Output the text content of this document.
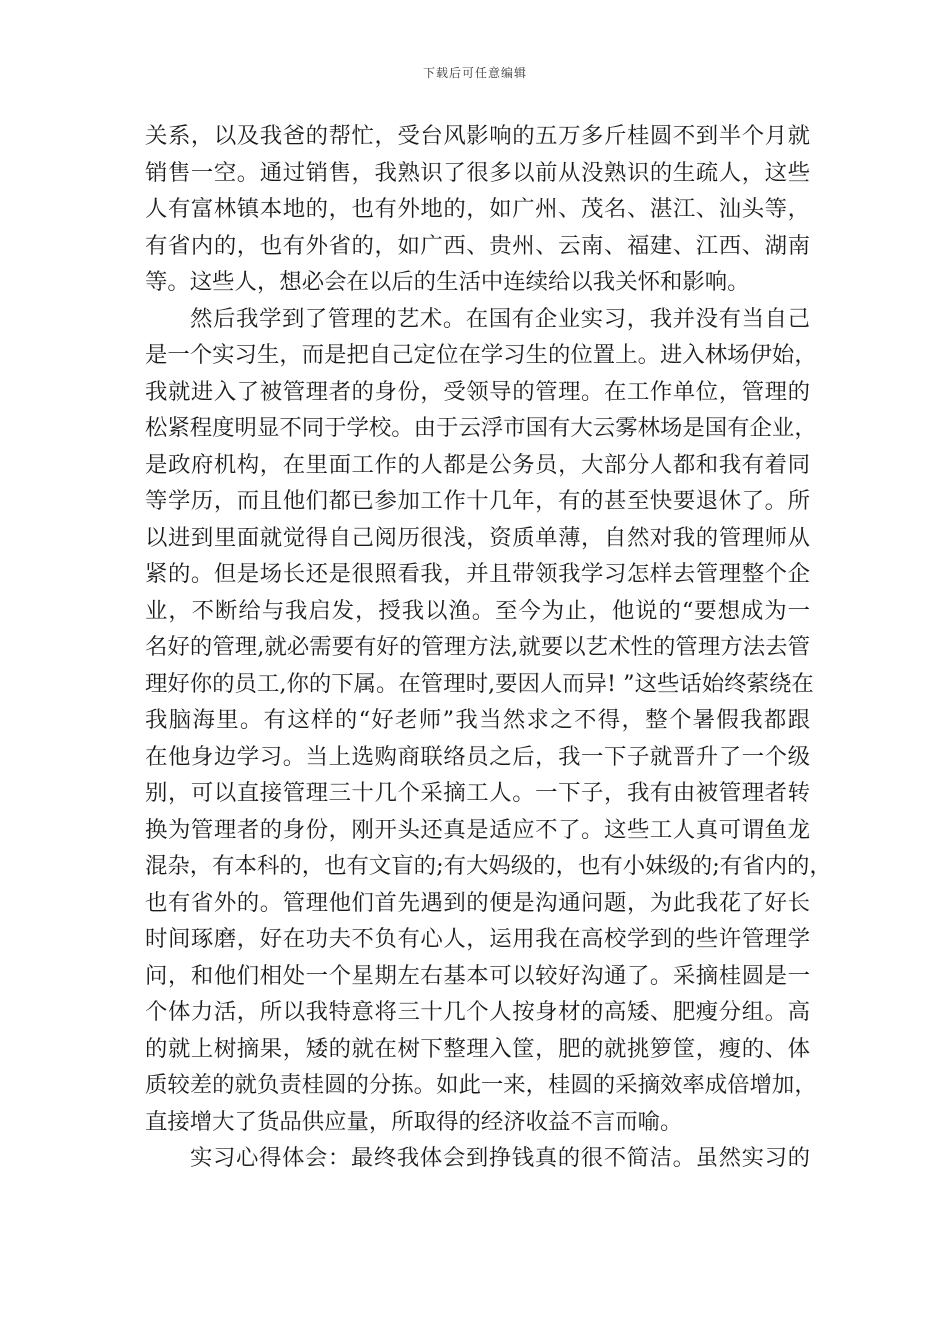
下载后可任意编辑
关系，以及我爸的帮忙，受台风影响的五万多斤桂圆不到半个月就
销售一空。通过销售，我熟识了很多以前从没熟识的生疏人，这些
人有富林镇本地的，也有外地的，如广州、茂名、湛江、汕头等，
有省内的，也有外省的，如广西、贵州、云南、福建、江西、湖南
等。这些人，想必会在以后的生活中连续给以我关怀和影响。
然后我学到了管理的艺术。在国有企业实习，我并没有当自己
是一个实习生，而是把自己定位在学习生的位置上。进入林场伊始，
我就进入了被管理者的身份，受领导的管理。在工作单位，管理的
松紧程度明显不同于学校。由于云浮市国有大云雾林场是国有企业，
是政府机构，在里面工作的人都是公务员，大部分人都和我有着同
等学历，而且他们都已参加工作十几年，有的甚至快要退休了。所
以进到里面就觉得自己阅历很浅，资质单薄，自然对我的管理师从
紧的。但是场长还是很照看我，并且带领我学习怎样去管理整个企
业，不断给与我启发，授我以渔。至今为止，他说的“要想成为一
名好的管理,就必需要有好的管理方法,就要以艺术性的管理方法去管
理好你的员工,你的下属。在管理时,要因人而异! ”这些话始终萦绕在
我脑海里。有这样的“好老师”我当然求之不得，整个暑假我都跟
在他身边学习。当上选购商联络员之后，我一下子就晋升了一个级
别，可以直接管理三十几个采摘工人。一下子，我有由被管理者转
换为管理者的身份，刚开头还真是适应不了。这些工人真可谓鱼龙
混杂，有本科的，也有文盲的;有大妈级的，也有小妹级的;有省内的，
也有省外的。管理他们首先遇到的便是沟通问题，为此我花了好长
时间琢磨，好在功夫不负有心人，运用我在高校学到的些许管理学
问，和他们相处一个星期左右基本可以较好沟通了。采摘桂圆是一
个体力活，所以我特意将三十几个人按身材的高矮、肥瘦分组。高
的就上树摘果，矮的就在树下整理入筐，肥的就挑箩筐，瘦的、体
质较差的就负责桂圆的分拣。如此一来，桂圆的采摘效率成倍增加，
直接增大了货品供应量，所取得的经济收益不言而喻。
实习心得体会：最终我体会到挣钱真的很不简洁。虽然实习的
